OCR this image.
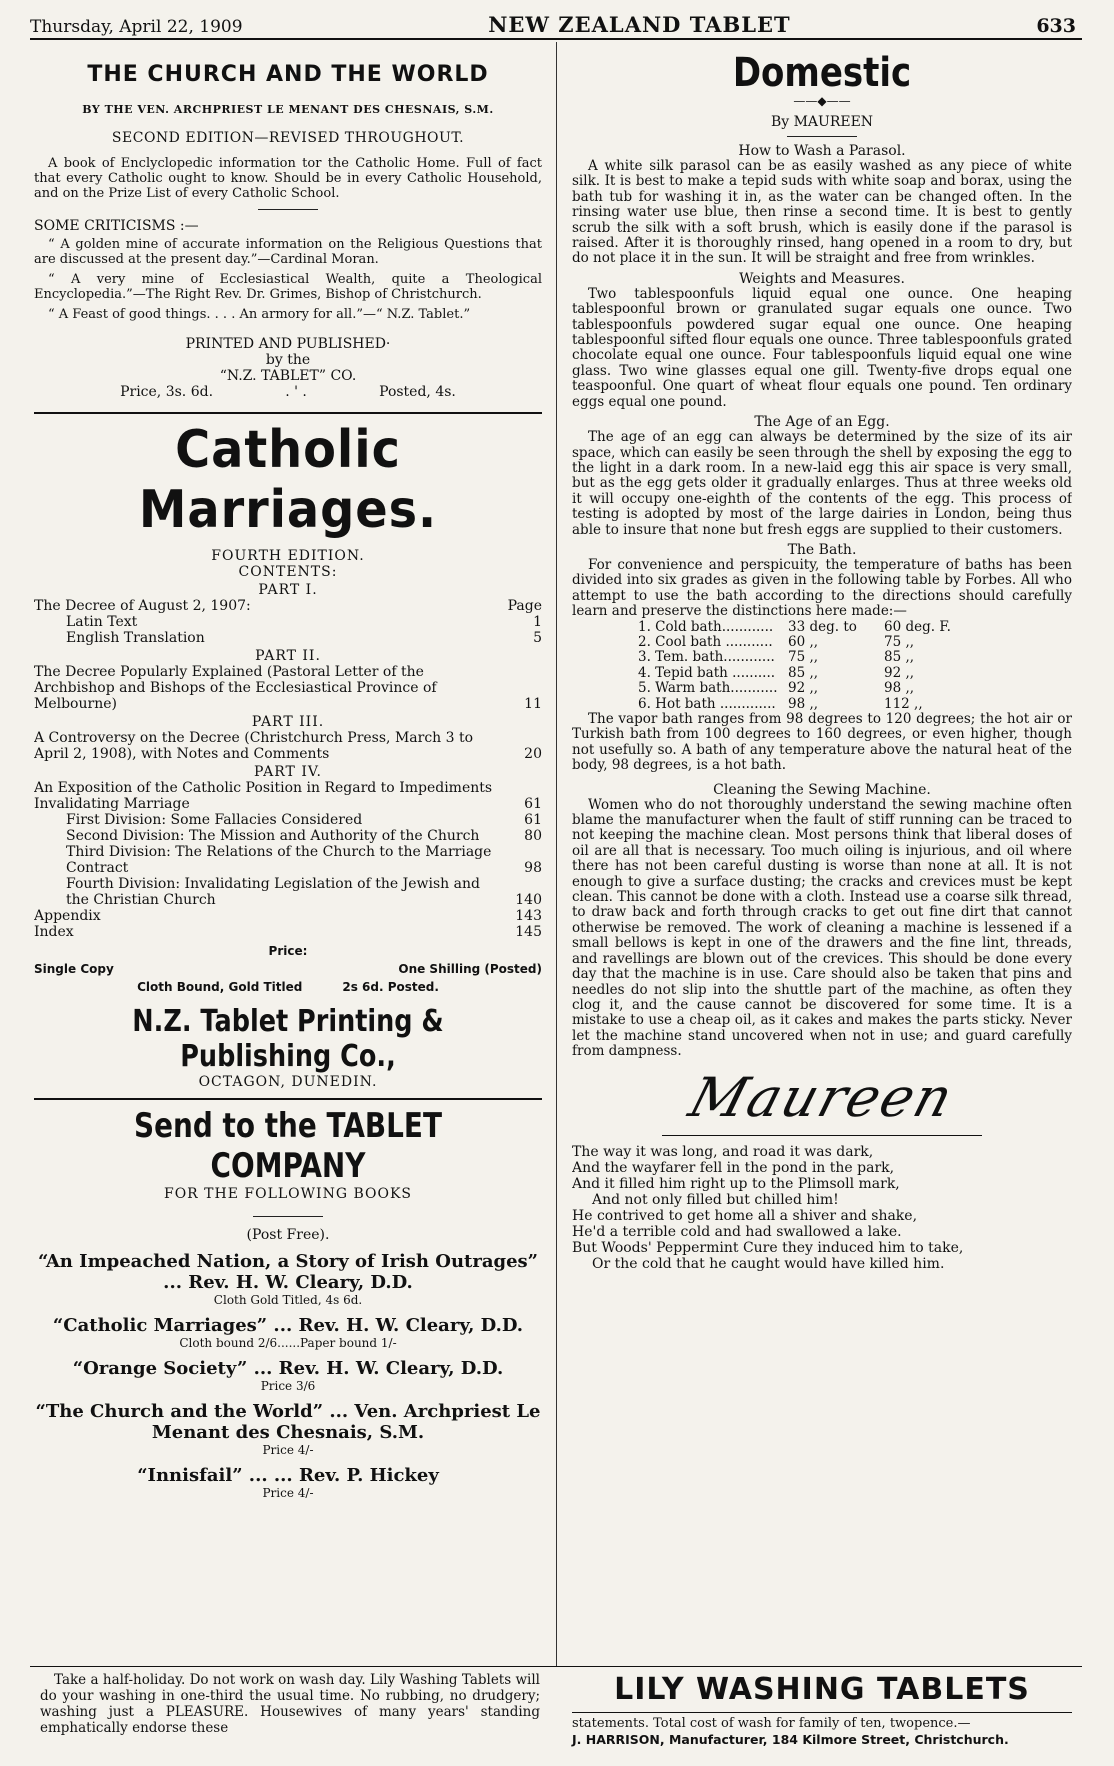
Thursday, April 22, 1909	NEW ZEALAND TABLET	633
THE CHURCH AND THE WORLD
BY THE VEN. ARCHPRIEST LE MENANT DES CHESNAIS, S.M.
SECOND EDITION—REVISED THROUGHOUT.

A book of Enclyclopedic information tor the Catholic Home. Full of fact that every Catholic ought to know. Should be in every Catholic Household, and on the Prize List of every Catholic School.

SOME CRITICISMS :—

“ A golden mine of accurate information on the Religious Questions that are discussed at the present day.”—Cardinal Moran.

“ A very mine of Ecclesiastical Wealth, quite a Theological Encyclopedia.”—The Right Rev. Dr. Grimes, Bishop of Christchurch.

“ A Feast of good things. . . . An armory for all.”—“ N.Z. Tablet.”

PRINTED AND PUBLISHED·

by the

“N.Z. TABLET” CO.

Price, 3s. 6d.	. ' .	Posted, 4s.
Catholic Marriages.

FOURTH EDITION.

CONTENTS:

PART I.
The Decree of August 2, 1907:	Page
Latin Text	1
English Translation	5
PART II.
The Decree Popularly Explained (Pastoral Letter of the Archbishop and Bishops of the Ecclesiastical Province of Melbourne)	11
PART III.
A Controversy on the Decree (Christchurch Press, March 3 to April 2, 1908), with Notes and Comments	20
PART IV.
An Exposition of the Catholic Position in Regard to Impediments Invalidating Marriage	61
First Division: Some Fallacies Considered	61
Second Division: The Mission and Authority of the Church	80
Third Division: The Relations of the Church to the Marriage Contract	98
Fourth Division: Invalidating Legislation of the Jewish and the Christian Church	140
Appendix	143
Index	145

Price:

Single Copy	One Shilling (Posted)
Cloth Bound, Gold Titled	2s 6d. Posted.
N.Z. Tablet Printing & Publishing Co.,

OCTAGON, DUNEDIN.

Send to the TABLET COMPANY

FOR THE FOLLOWING BOOKS

(Post Free).

“An Impeached Nation, a Story of Irish Outrages” ... Rev. H. W. Cleary, D.D.
Cloth Gold Titled, 4s 6d.
“Catholic Marriages” ... Rev. H. W. Cleary, D.D.
Cloth bound 2/6......Paper bound 1/-
“Orange Society” ... Rev. H. W. Cleary, D.D.
Price 3/6
“The Church and the World” ... Ven. Archpriest Le Menant des Chesnais, S.M.
Price 4/-
“Innisfail” ... ... Rev. P. Hickey
Price 4/-
Domestic
——◆——
By MAUREEN
How to Wash a Parasol.

A white silk parasol can be as easily washed as any piece of white silk. It is best to make a tepid suds with white soap and borax, using the bath tub for washing it in, as the water can be changed often. In the rinsing water use blue, then rinse a second time. It is best to gently scrub the silk with a soft brush, which is easily done if the parasol is raised. After it is thoroughly rinsed, hang opened in a room to dry, but do not place it in the sun. It will be straight and free from wrinkles.

Weights and Measures.

Two tablespoonfuls liquid equal one ounce. One heaping tablespoonful brown or granulated sugar equals one ounce. Two tablespoonfuls powdered sugar equal one ounce. One heaping tablespoonful sifted flour equals one ounce. Three tablespoonfuls grated chocolate equal one ounce. Four tablespoonfuls liquid equal one wine glass. Two wine glasses equal one gill. Twenty-five drops equal one teaspoonful. One quart of wheat flour equals one pound. Ten ordinary eggs equal one pound.

The Age of an Egg.

The age of an egg can always be determined by the size of its air space, which can easily be seen through the shell by exposing the egg to the light in a dark room. In a new-laid egg this air space is very small, but as the egg gets older it gradually enlarges. Thus at three weeks old it will occupy one-eighth of the contents of the egg. This process of testing is adopted by most of the large dairies in London, being thus able to insure that none but fresh eggs are supplied to their customers.

The Bath.

For convenience and perspicuity, the temperature of baths has been divided into six grades as given in the following table by Forbes. All who attempt to use the bath according to the directions should carefully learn and preserve the distinctions here made:—

1. Cold bath............	33 deg. to	60 deg. F.
2. Cool bath ...........	60 ,,	75 ,,
3. Tem. bath............ 75 ,,	85 ,,
4. Tepid bath .......... 85 ,,	92 ,,
5. Warm bath........... 92 ,,	98 ,,
6. Hot bath ............. 98 ,,	112 ,,

The vapor bath ranges from 98 degrees to 120 degrees; the hot air or Turkish bath from 100 degrees to 160 degrees, or even higher, though not usefully so. A bath of any temperature above the natural heat of the body, 98 degrees, is a hot bath.

Cleaning the Sewing Machine.

Women who do not thoroughly understand the sewing machine often blame the manufacturer when the fault of stiff running can be traced to not keeping the machine clean. Most persons think that liberal doses of oil are all that is necessary. Too much oiling is injurious, and oil where there has not been careful dusting is worse than none at all. It is not enough to give a surface dusting; the cracks and crevices must be kept clean. This cannot be done with a cloth. Instead use a coarse silk thread, to draw back and forth through cracks to get out fine dirt that cannot otherwise be removed. The work of cleaning a machine is lessened if a small bellows is kept in one of the drawers and the fine lint, threads, and ravellings are blown out of the crevices. This should be done every day that the machine is in use. Care should also be taken that pins and needles do not slip into the shuttle part of the machine, as often they clog it, and the cause cannot be discovered for some time. It is a mistake to use a cheap oil, as it cakes and makes the parts sticky. Never let the machine stand uncovered when not in use; and guard carefully from dampness.

Maureen
The way it was long, and road it was dark,
And the wayfarer fell in the pond in the park,
And it filled him right up to the Plimsoll mark,
And not only filled but chilled him!
He contrived to get home all a shiver and shake,
He'd a terrible cold and had swallowed a lake.
But Woods' Peppermint Cure they induced him to take,
Or the cold that he caught would have killed him.

Take a half-holiday. Do not work on wash day. Lily Washing Tablets will do your washing in one-third the usual time. No rubbing, no drudgery; washing just a PLEASURE. Housewives of many years' standing emphatically endorse these

LILY WASHING TABLETS
statements. Total cost of wash for family of ten, twopence.—
J. HARRISON, Manufacturer, 184 Kilmore Street, Christchurch.
